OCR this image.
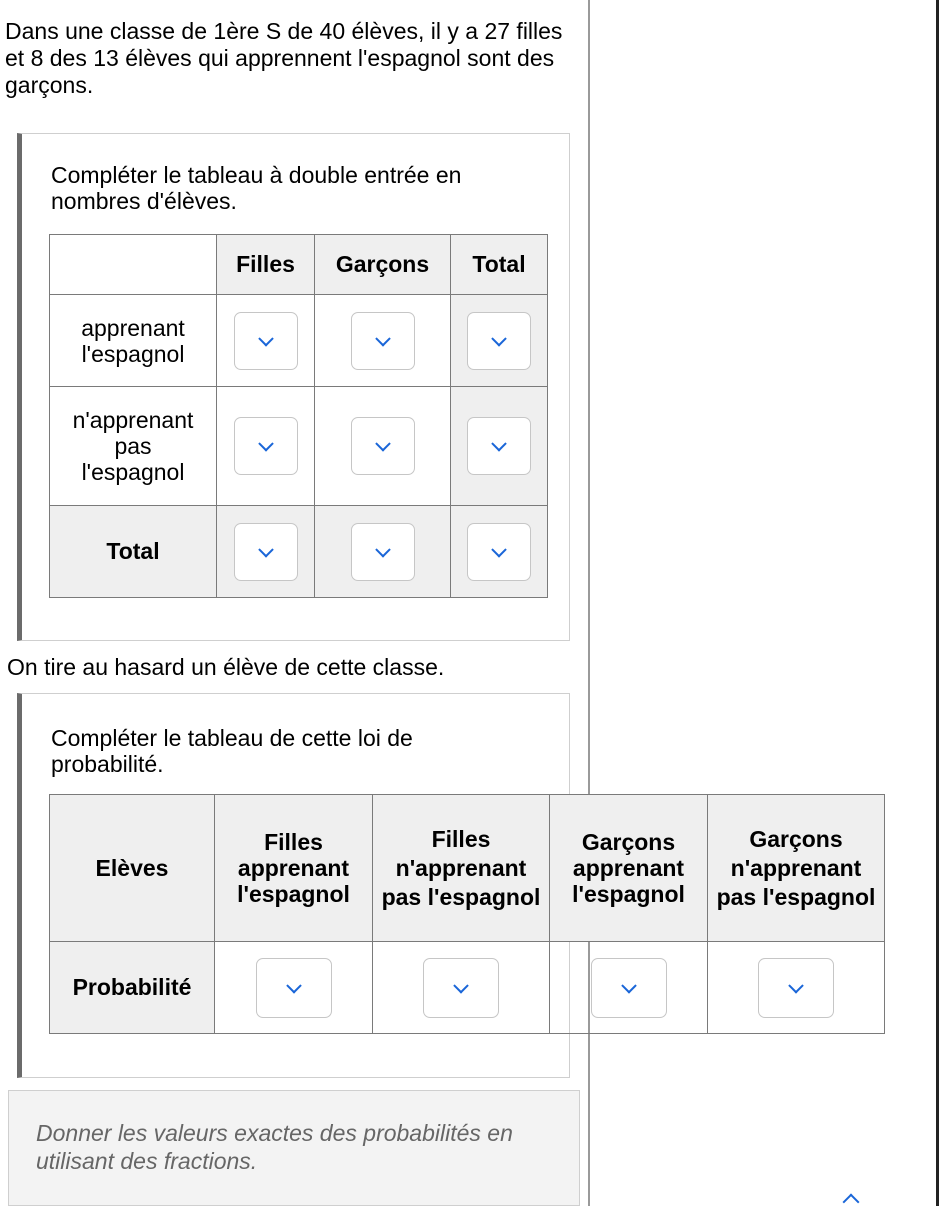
Dans une classe de 1ère S de 40 élèves, il y a 27 filles et 8 des 13 élèves qui apprennent l'espagnol sont des garçons.
Compléter le tableau à double entrée en nombres d'élèves.
	Filles	Garçons	Total

apprenant l'espagnol			

n'apprenant pas l'espagnol			

Total	

On tire au hasard un élève de cette classe.
Compléter le tableau de cette loi de probabilité.
Elèves	Filles apprenant l'espagnol	Filles n'apprenant pas l'espagnol	Garçons apprenant l'espagnol	Garçons n'apprenant pas l'espagnol

Probabilité	

Donner les valeurs exactes des probabilités en utilisant des fractions.
